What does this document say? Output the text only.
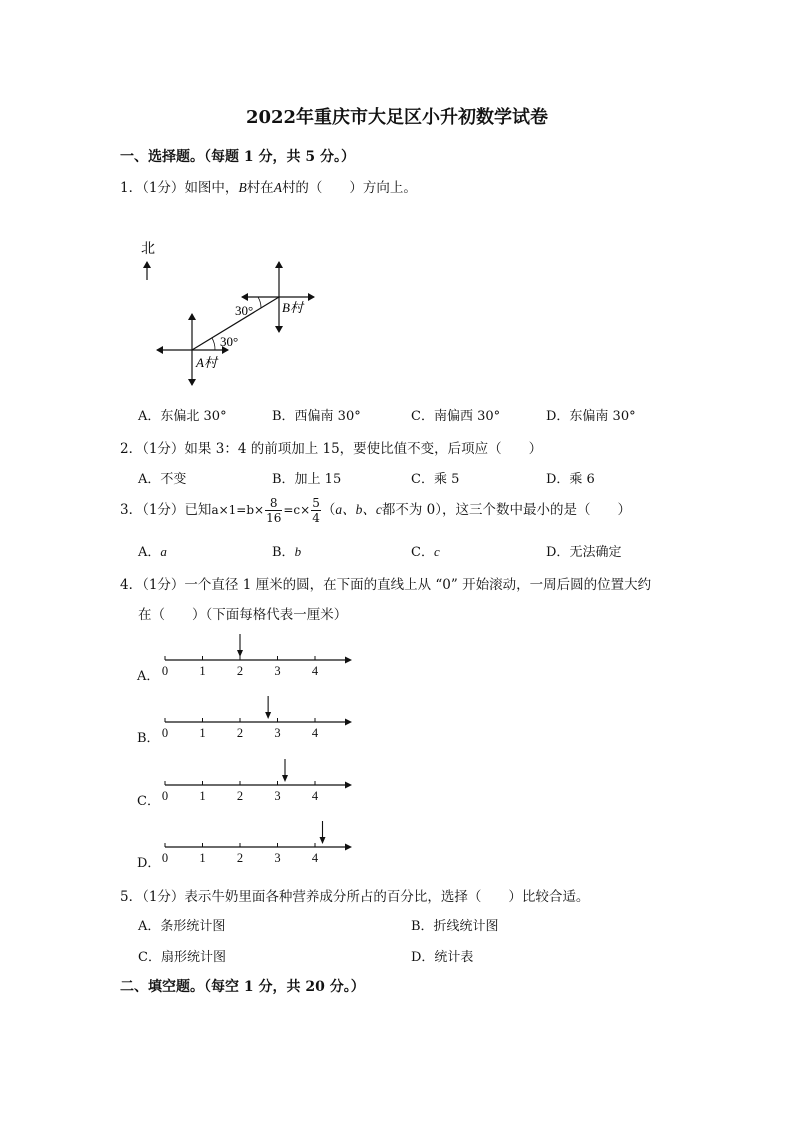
2022年重庆市大足区小升初数学试卷
一、选择题。（每题 1 分，共 5 分。）
1．（1分）如图中，B村在A村的（　　）方向上。
北
30°
30°
B村
A村
A．东偏北 30°	B．西偏南 30°	C．南偏西 30°	D．东偏南 30°
2．（1分）如果 3：4 的前项加上 15，要使比值不变，后项应（　　）
A．不变	B．加上 15	C．乘 5	D．乘 6
3．（1分）已知$a\times 1=b\times \frac{8}{16} =c\times \frac{5}{4} (a$、b、c都不为 0），这三个数中最小的是（　　）
A．a	B．b	C．c	D．无法确定
4．（1分）一个直径 1 厘米的圆，在下面的直线上从 “0” 开始滚动，一周后圆的位置大约
在（　　）（下面每格代表一厘米）
A．
B．
C．
D．
0	1	2	3	4
0	1	2	3	4
0	1	2	3	4
0	1	2	3	4
5．（1分）表示牛奶里面各种营养成分所占的百分比，选择（　　）比较合适。
A．条形统计图	B．折线统计图
C．扇形统计图	D．统计表
二、填空题。（每空 1 分，共 20 分。）
